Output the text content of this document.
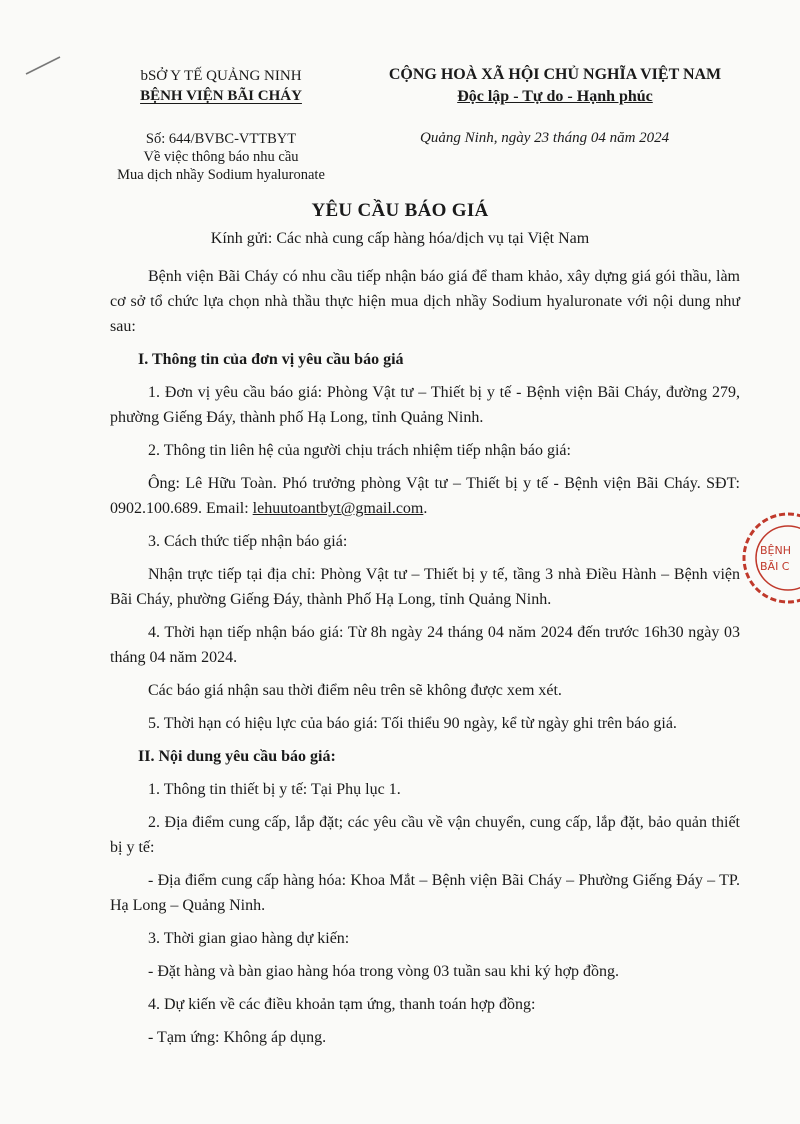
bSỞ Y TẾ QUẢNG NINH
BỆNH VIỆN BÃI CHÁY
CỘNG HOÀ XÃ HỘI CHỦ NGHĨA VIỆT NAM
Độc lập - Tự do - Hạnh phúc
Số: 644/BVBC-VTTBYT
Về việc thông báo nhu cầu
Mua dịch nhầy Sodium hyaluronate
Quảng Ninh, ngày 23 tháng 04 năm 2024
YÊU CẦU BÁO GIÁ
Kính gửi: Các nhà cung cấp hàng hóa/dịch vụ tại Việt Nam

Bệnh viện Bãi Cháy có nhu cầu tiếp nhận báo giá để tham khảo, xây dựng giá gói thầu, làm cơ sở tổ chức lựa chọn nhà thầu thực hiện mua dịch nhầy Sodium hyaluronate với nội dung như sau:

I. Thông tin của đơn vị yêu cầu báo giá

1. Đơn vị yêu cầu báo giá: Phòng Vật tư – Thiết bị y tế - Bệnh viện Bãi Cháy, đường 279, phường Giếng Đáy, thành phố Hạ Long, tỉnh Quảng Ninh.

2. Thông tin liên hệ của người chịu trách nhiệm tiếp nhận báo giá:

Ông: Lê Hữu Toàn. Phó trưởng phòng Vật tư – Thiết bị y tế - Bệnh viện Bãi Cháy. SĐT: 0902.100.689. Email: lehuutoantbyt@gmail.com.

3. Cách thức tiếp nhận báo giá:

Nhận trực tiếp tại địa chỉ: Phòng Vật tư – Thiết bị y tế, tầng 3 nhà Điều Hành – Bệnh viện Bãi Cháy, phường Giếng Đáy, thành Phố Hạ Long, tỉnh Quảng Ninh.

4. Thời hạn tiếp nhận báo giá: Từ 8h ngày 24 tháng 04 năm 2024 đến trước 16h30 ngày 03 tháng 04 năm 2024.

Các báo giá nhận sau thời điểm nêu trên sẽ không được xem xét.

5. Thời hạn có hiệu lực của báo giá: Tối thiểu 90 ngày, kể từ ngày ghi trên báo giá.

II. Nội dung yêu cầu báo giá:

1. Thông tin thiết bị y tế: Tại Phụ lục 1.

2. Địa điểm cung cấp, lắp đặt; các yêu cầu về vận chuyển, cung cấp, lắp đặt, bảo quản thiết bị y tế:

- Địa điểm cung cấp hàng hóa: Khoa Mắt – Bệnh viện Bãi Cháy – Phường Giếng Đáy – TP. Hạ Long – Quảng Ninh.

3. Thời gian giao hàng dự kiến:

- Đặt hàng và bàn giao hàng hóa trong vòng 03 tuần sau khi ký hợp đồng.

4. Dự kiến về các điều khoản tạm ứng, thanh toán hợp đồng:

- Tạm ứng: Không áp dụng.

BỆNH
BÃI C
